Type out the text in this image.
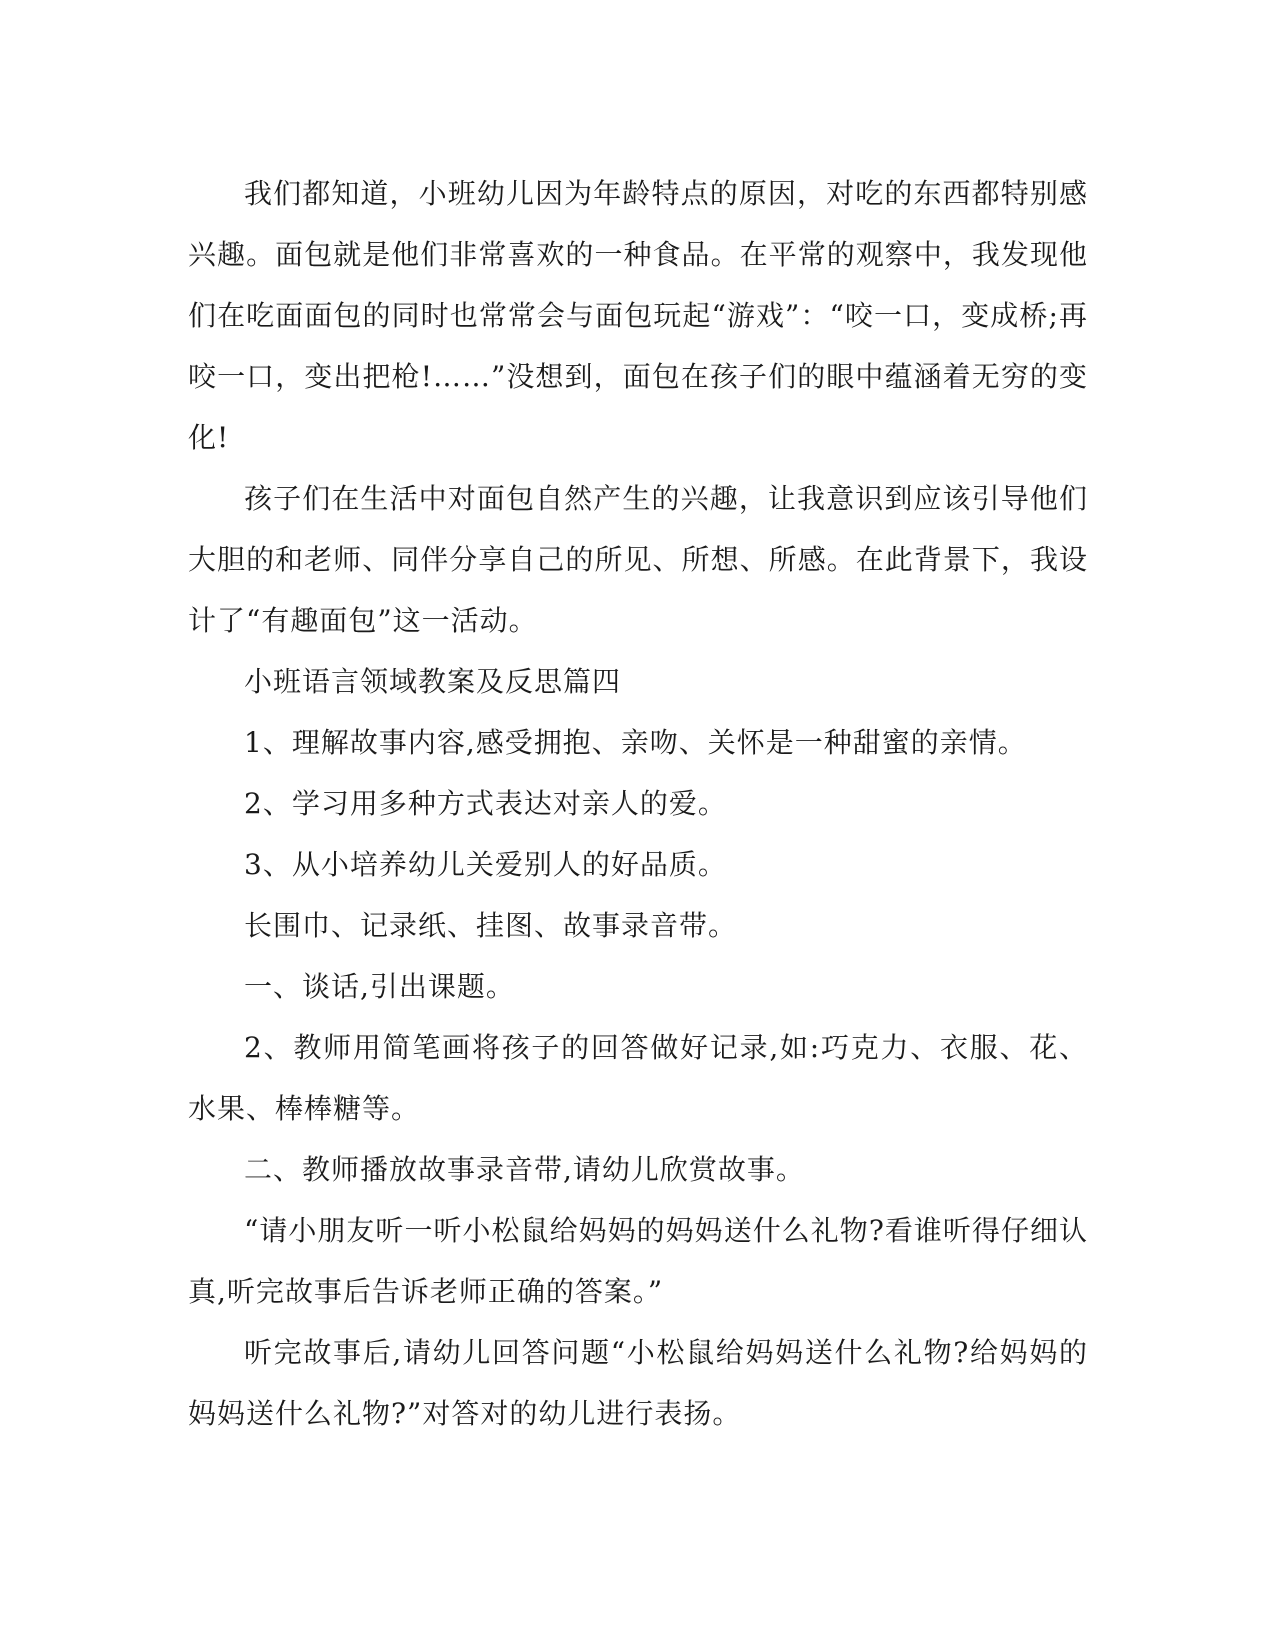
我们都知道，小班幼儿因为年龄特点的原因，对吃的东西都特别感兴趣。面包就是他们非常喜欢的一种食品。在平常的观察中，我发现他们在吃面面包的同时也常常会与面包玩起“游戏”：“咬一口，变成桥;再咬一口，变出把枪!……”没想到，面包在孩子们的眼中蕴涵着无穷的变化!

孩子们在生活中对面包自然产生的兴趣，让我意识到应该引导他们大胆的和老师、同伴分享自己的所见、所想、所感。在此背景下，我设计了“有趣面包”这一活动。

小班语言领域教案及反思篇四

1、理解故事内容,感受拥抱、亲吻、关怀是一种甜蜜的亲情。

2、学习用多种方式表达对亲人的爱。

3、从小培养幼儿关爱别人的好品质。

长围巾、记录纸、挂图、故事录音带。

一、谈话,引出课题。

2、教师用简笔画将孩子的回答做好记录,如:巧克力、衣服、花、水果、棒棒糖等。

二、教师播放故事录音带,请幼儿欣赏故事。

“请小朋友听一听小松鼠给妈妈的妈妈送什么礼物?看谁听得仔细认真,听完故事后告诉老师正确的答案。”

听完故事后,请幼儿回答问题“小松鼠给妈妈送什么礼物?给妈妈的妈妈送什么礼物?”对答对的幼儿进行表扬。
